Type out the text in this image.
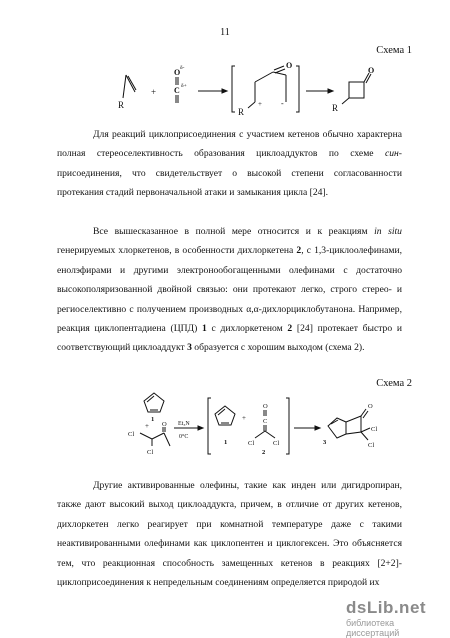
11
Схема 1
R
+
O δ-
C δ+
O
R
+ -
O
R

Для реакций циклоприсоединения с участием кетенов обычно характерна полная стереоселективность образования циклоаддуктов по схеме син-присоединения, что свидетельствует о высокой степени согласованности протекания стадий первоначальной атаки и замыкания цикла [24].

Все вышесказанное в полной мере относится и к реакциям in situ генерируемых хлоркетенов, в особенности дихлоркетена 2, с 1,3-циклоолефинами, енолэфирами и другими электронообогащенными олефинами с достаточно высокополяризованной двойной связью: они протекают легко, строго стерео- и региоселективно с получением производных α,α-дихлорциклобутанона. Например, реакция циклопентадиена (ЦПД) 1 с дихлоркетеном 2 [24] протекает быстро и соответствующий циклоаддукт 3 образуется с хорошим выходом (схема 2).

Схема 2
1
+ O
Cl
Cl
Et₃N
0°C
1
+
O
C
Cl	Cl
2
O
Cl
Cl
3

Другие активированные олефины, такие как инден или дигидропиран, также дают высокий выход циклоаддукта, причем, в отличие от других кетенов, дихлоркетен легко реагирует при комнатной температуре даже с такими неактивированными олефинами как циклопентен и циклогексен. Это объясняется тем, что реакционная способность замещенных кетенов в реакциях [2+2]-циклоприсоединения к непредельным соединениям определяется природой их

dsLib.net
библиотека диссертаций
